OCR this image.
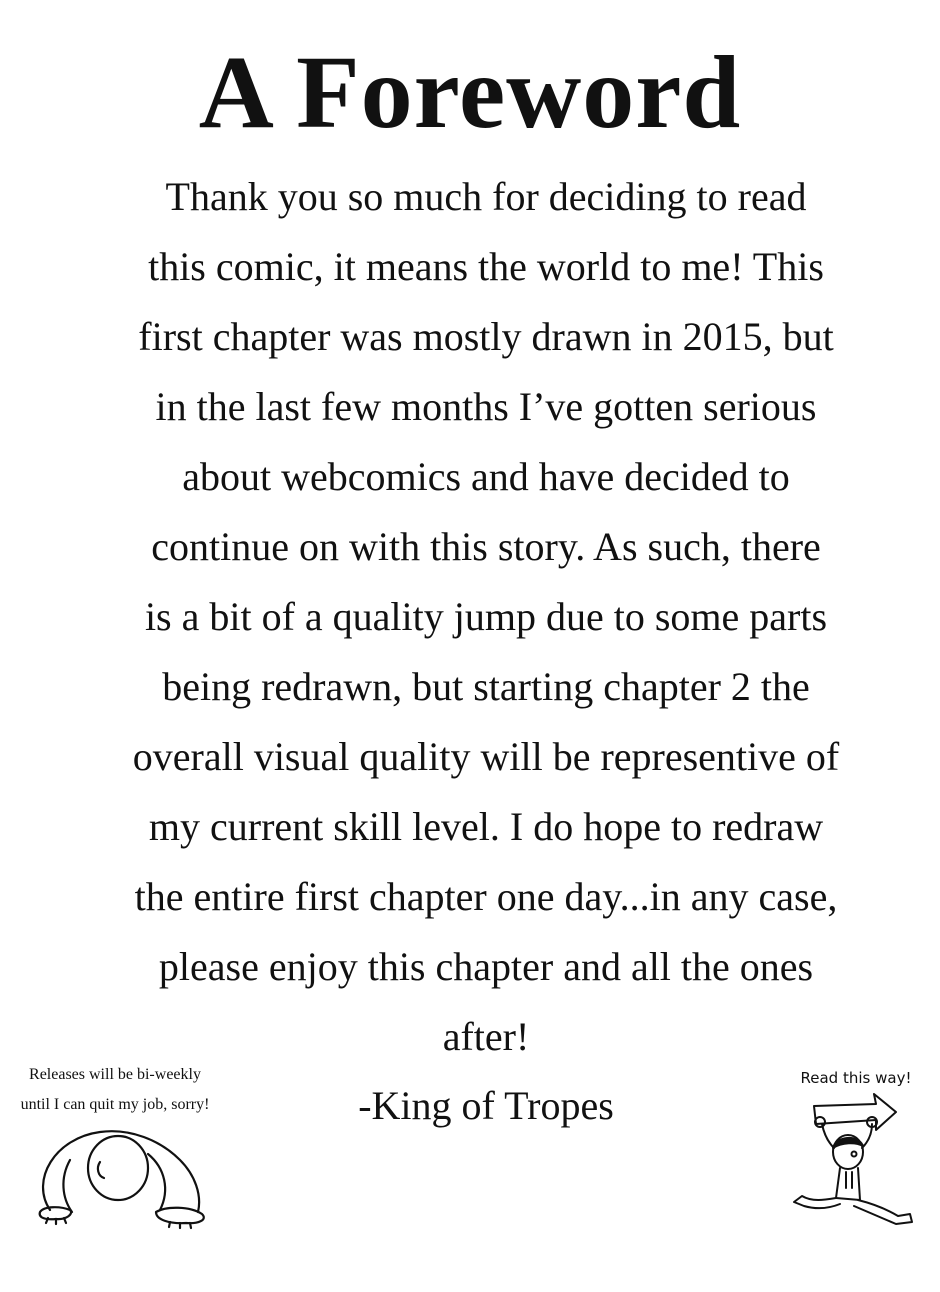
A Foreword
Thank you so much for deciding to read
this comic, it means the world to me! This
first chapter was mostly drawn in 2015, but
in the last few months I’ve gotten serious
about webcomics and have decided to
continue on with this story. As such, there
is a bit of a quality jump due to some parts
being redrawn, but starting chapter 2 the
overall visual quality will be representive of
my current skill level. I do hope to redraw
the entire first chapter one day...in any case,
please enjoy this chapter and all the ones
after!
-King of Tropes
Releases will be bi-weekly
until I can quit my job, sorry!
Read this way!
